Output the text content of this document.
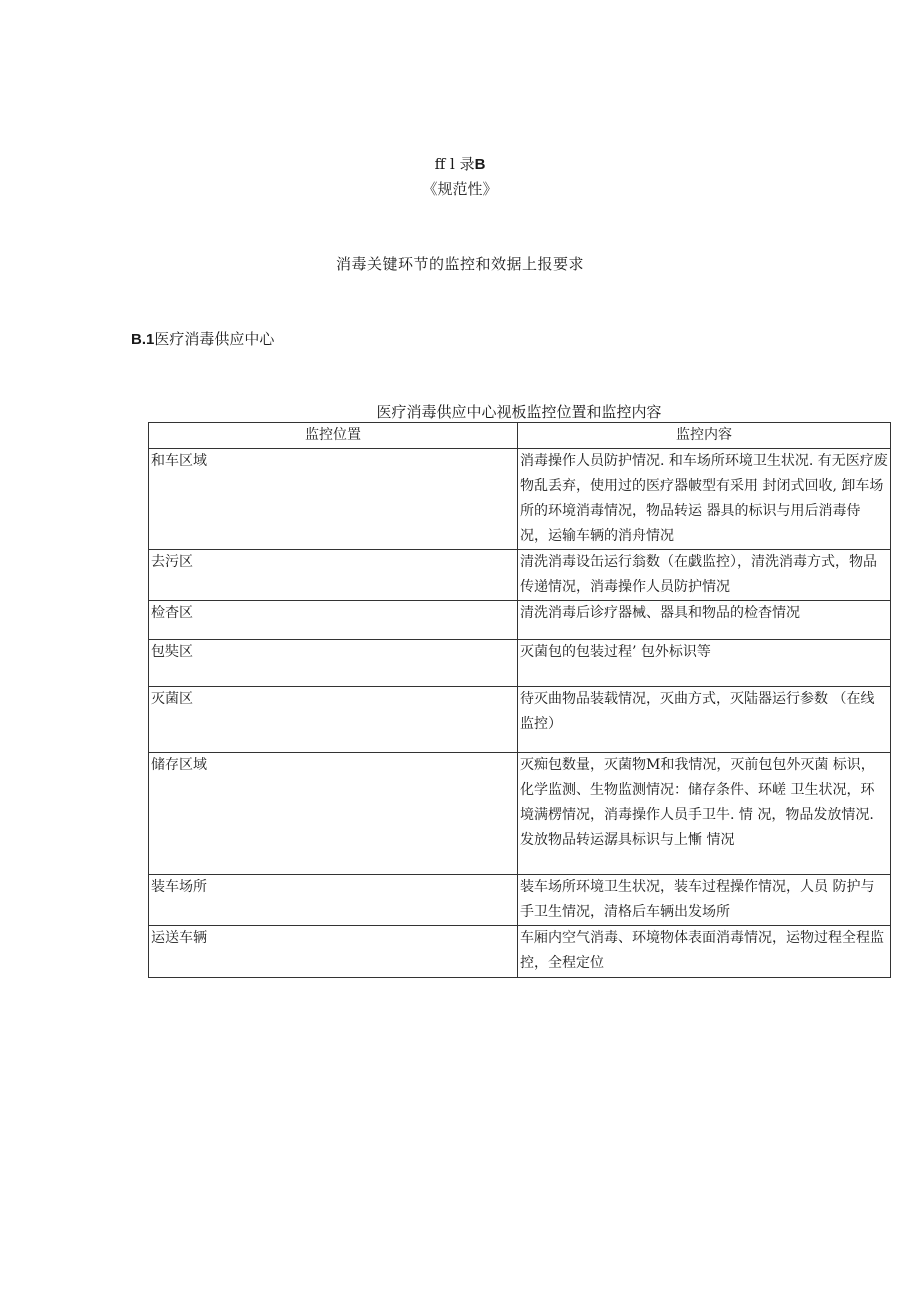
ff l 录B
《规范性》
消毒关键环节的监控和效据上报要求
B.1医疗消毒供应中心
医疗消毒供应中心视板监控位置和监控内容
监控位置	监控内容
和车区域	消毒操作人员防护情况. 和车场所环境卫生状况. 有无医疗废物乱丢弃，使用过的医疗器帔型有采用 封闭式回收, 卸车场所的环境消毒情况，物品转运 器具的标识与用后消毒侍况，运输车辆的消舟情况
去污区	清洗消毒设缶运行翁数（在戯监控），清洗消毒方式，物品传递情况，消毒操作人员防护情况
检杳区	清洗消毒后诊疗器械、器具和物品的检杳情况
包奘区	灭菌包的包装过程’ 包外标识等
灭菌区	待灭曲物品装载情况，灭曲方式，灭陆器运行参数 （在线监控）
储存区域	灭痴包数量，灭菌物M和我情况，灭前包包外灭菌 标识，化学监测、生物监测情况：储存条件、环嵯 卫生状况，环境满楞情况，消毒操作人员手卫牛. 情 况，物品发放情况. 发放物品转运潺具标识与上慚 情况
装车场所	装车场所环境卫生状况，装车过程操作情况，人员 防护与手卫生情况，清格后车辆出发场所
运送车辆	车厢内空气消毒、环境物体表面消毒情况，运物过程全程监控，全程定位
